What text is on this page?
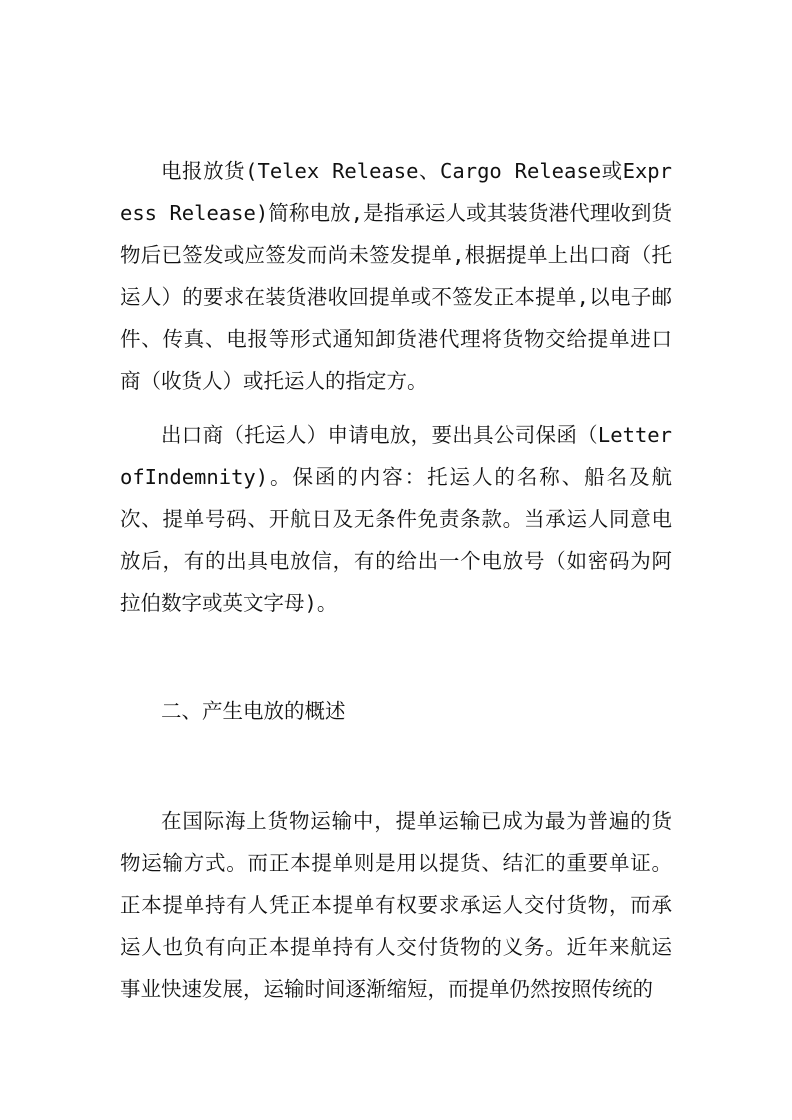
电报放货(Telex Release、Cargo Release或Express Release)简称电放,是指承运人或其装货港代理收到货物后已签发或应签发而尚未签发提单,根据提单上出口商（托运人）的要求在装货港收回提单或不签发正本提单,以电子邮件、传真、电报等形式通知卸货港代理将货物交给提单进口商（收货人）或托运人的指定方。

出口商（托运人）申请电放，要出具公司保函（Letter ofIndemnity)。保函的内容：托运人的名称、船名及航次、提单号码、开航日及无条件免责条款。当承运人同意电放后，有的出具电放信，有的给出一个电放号（如密码为阿拉伯数字或英文字母)。

二、产生电放的概述

在国际海上货物运输中，提单运输已成为最为普遍的货物运输方式。而正本提单则是用以提货、结汇的重要单证。正本提单持有人凭正本提单有权要求承运人交付货物，而承运人也负有向正本提单持有人交付货物的义务。近年来航运事业快速发展，运输时间逐渐缩短，而提单仍然按照传统的
